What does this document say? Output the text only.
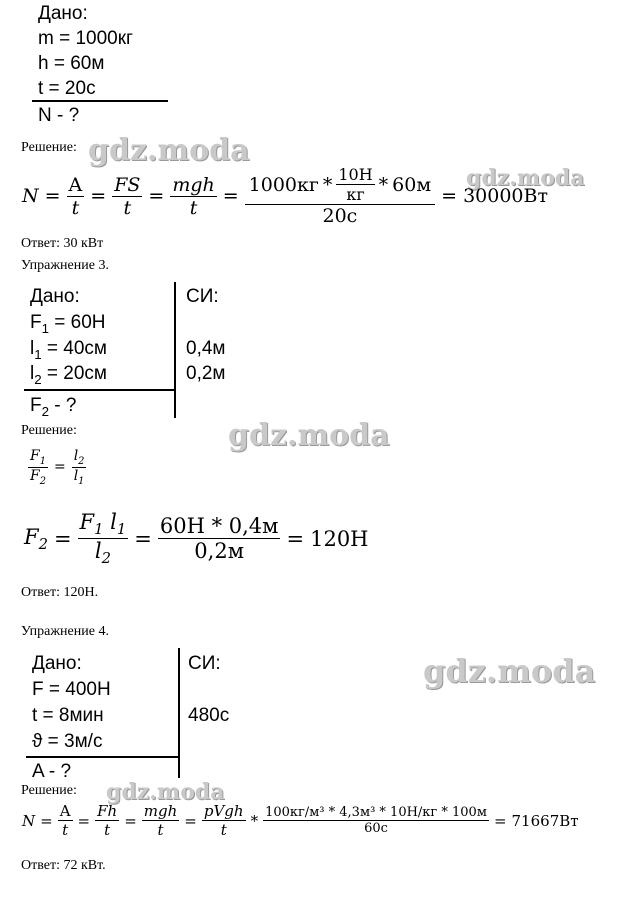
Дано:
m = 1000кг
h = 60м
t = 20с
N - ?
Решение: gdz.moda
gdz.moda
$N = \frac{A}{t} = \frac{FS}{t} = \frac{\text{mgh}}{t} = \frac{1000кг * \frac{10Н}{кг} * 60м}{20с} = 30000Вт$
Ответ: 30 кВт
Упражнение 3.
Дано:
$F_1 = 60Н$
$l_1 = 40см$
$l_2 = 20см$
$F_2$ - ?
СИ:
0,4м
0,2м
Решение:	gdz.moda
$\frac{F_1}{F_2} = \frac{l_2}{l_1}$
$F_2 = \frac{F_1 l_1}{l_2} = \frac{60Н * 0,4м}{0,2м} = 120Н$
Ответ: 120Н.
Упражнение 4.
Дано:
F = 400Н
t = 8мин
ϑ = 3м/с
A - ?
СИ:
480с
gdz.moda
Решение: gdz.moda
$N = \frac{A}{t} = \frac{Fh}{t} = \frac{\text{mgh}}{t} = \frac{\text{pVgh}}{t} * \frac{\text{100кг/м³ * 4,3м³ * 10Н/кг * 100м}}{60с} = 71667Вт$
Ответ: 72 кВт.
